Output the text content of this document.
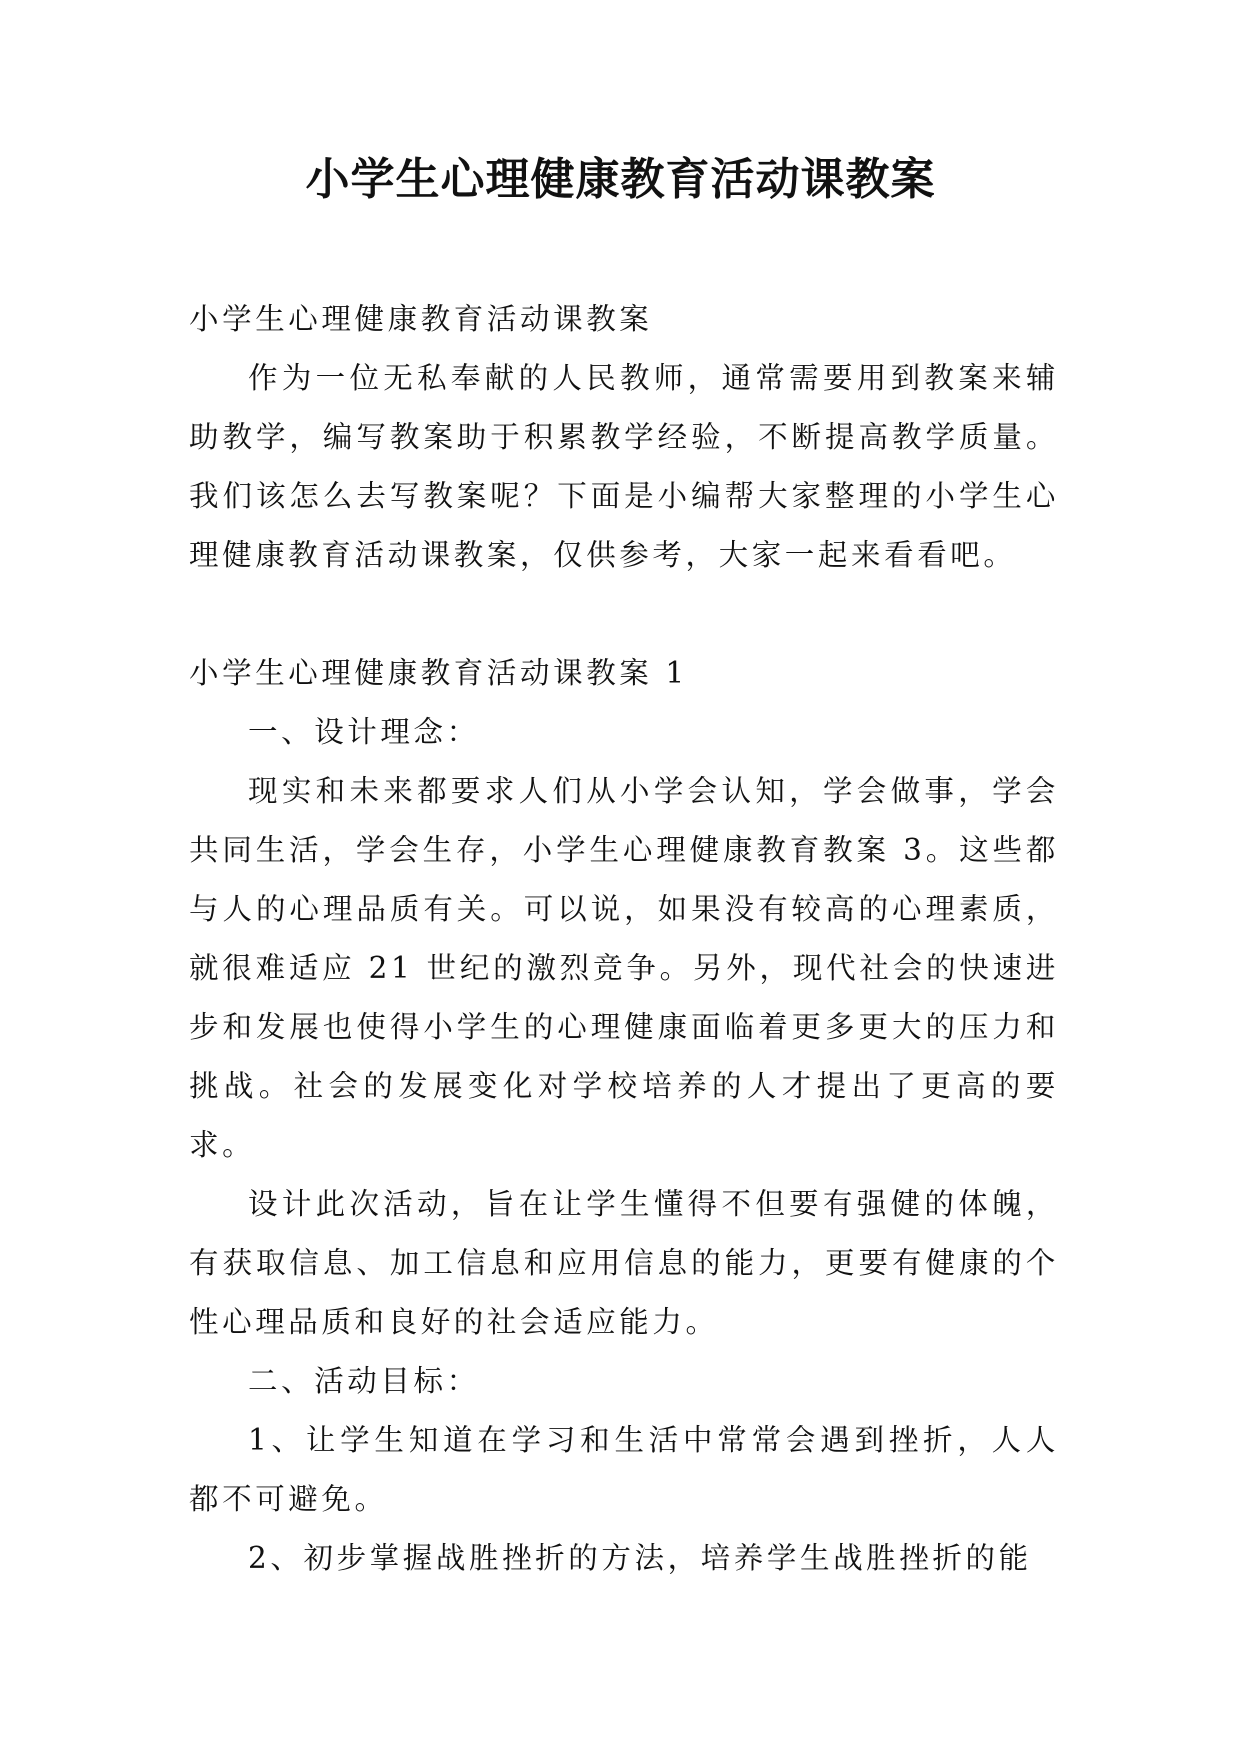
小学生心理健康教育活动课教案

小学生心理健康教育活动课教案

作为一位无私奉献的人民教师，通常需要用到教案来辅助教学，编写教案助于积累教学经验，不断提高教学质量。我们该怎么去写教案呢？下面是小编帮大家整理的小学生心理健康教育活动课教案，仅供参考，大家一起来看看吧。

小学生心理健康教育活动课教案 1

一、设计理念：

现实和未来都要求人们从小学会认知，学会做事，学会共同生活，学会生存，小学生心理健康教育教案 3。这些都与人的心理品质有关。可以说，如果没有较高的心理素质，就很难适应 21 世纪的激烈竞争。另外，现代社会的快速进步和发展也使得小学生的心理健康面临着更多更大的压力和挑战。社会的发展变化对学校培养的人才提出了更高的要求。

设计此次活动，旨在让学生懂得不但要有强健的体魄，有获取信息、加工信息和应用信息的能力，更要有健康的个性心理品质和良好的社会适应能力。

二、活动目标：

1、让学生知道在学习和生活中常常会遇到挫折，人人都不可避免。

2、初步掌握战胜挫折的方法，培养学生战胜挫折的能
